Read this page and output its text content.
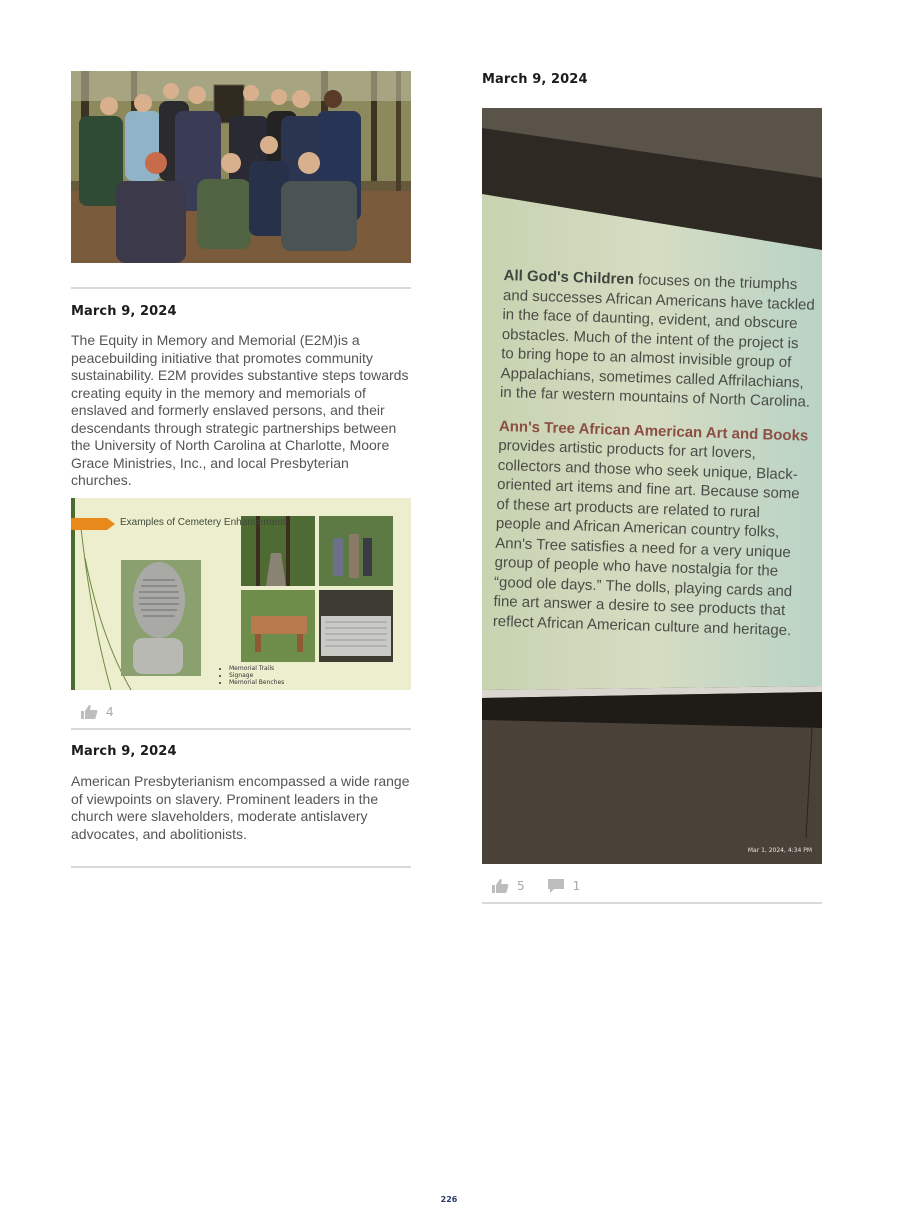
March 9, 2024

The Equity in Memory and Memorial (E2M)is a peacebuilding initiative that promotes community sustainability. E2M provides substantive steps towards creating equity in the memory and memorials of enslaved and formerly enslaved persons, and their descendants through strategic partnerships between the University of North Carolina at Charlotte, Moore Grace Ministries, Inc., and local Presbyterian churches.

Examples of Cemetery Enhancement
• Memorial Trails
• Signage
• Memorial Benches
4
March 9, 2024

American Presbyterianism encompassed a wide range of viewpoints on slavery. Prominent leaders in the church were slaveholders, moderate antislavery advocates, and abolitionists.

March 9, 2024

All God's Children focuses on the triumphs and successes African Americans have tackled in the face of daunting, evident, and obscure obstacles. Much of the intent of the project is to bring hope to an almost invisible group of Appalachians, sometimes called Affrilachians, in the far western mountains of North Carolina.

Ann's Tree African American Art and Books provides artistic products for art lovers, collectors and those who seek unique, Black-oriented art items and fine art. Because some of these art products are related to rural people and African American country folks, Ann's Tree satisfies a need for a very unique group of people who have nostalgia for the “good ole days.” The dolls, playing cards and fine art answer a desire to see products that reflect African American culture and heritage.

Mar 1, 2024, 4:34 PM
5	1
226
